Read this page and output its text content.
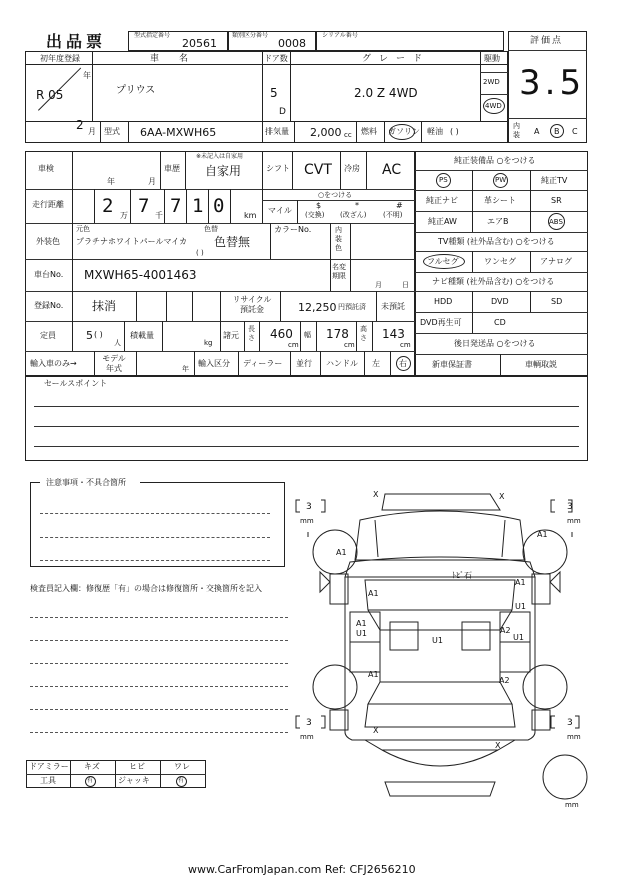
出品票	型式指定番号
20561
類別区分番号
0008
シリアル番号
評価点
3.5
初年度登録
R 05
年
2 月
車名
プリウス
ドア数
5
D
グレード
2.0 Z 4WD
駆動
2WD
4WD
型式 6AA-MXWH65	排気量 2,000 cc 燃料 ガソリン 軽油 ( )
内装	A B C
車検
年	月
車歴
※未記入は自家用
自家用	シフト CVT 冷房 AC
走行距離 2 万 7 千 7 1 0 km
○をつける
マイル
$
(交換)
*
(改ざん)
#
(不明)
外装色
元色
プラチナホワイトパールマイカ
色替
色替無
( )
カラーNo.	内装色
車台No. MXWH65-4001463
名変期限
月	日
登録No. 抹消	リサイクル預託金	12,250 円預託済 未預託
定員	5 ( )
人
積載量
kg
諸元
長さ 460
cm
幅 178
cm
高さ 143
cm
輸入車のみ→
モデル年式	年
輸入区分 ディーラー 並行 ハンドル 左 右
純正装備品 ○をつける
PS	PW	純正TV
純正ナビ	革シート	SR
純正AW	エアB	ABS
TV種類 (社外品含む) ○をつける
フルセグ	ワンセグ	アナログ
ナビ種類 (社外品含む) ○をつける
HDD	DVD	SD
DVD再生可	CD
後日発送品 ○をつける
新車保証書	車輌取説
セールスポイント
注意事項・不具合箇所
検査員記入欄：修復歴「有」の場合は修復箇所・交換箇所を記入
ドアミラー キズ	ヒビ	ワレ
工具	有	ジャッキ	有
3
mm
3
mm
3
mm
3
mm
mm
X	X
X
X
A1
A1
ﾄﾋﾞ石
A1
A1
U1
A1
U1
U1
A2
U1
A1
A2
www.CarFromJapan.com Ref: CFJ2656210
